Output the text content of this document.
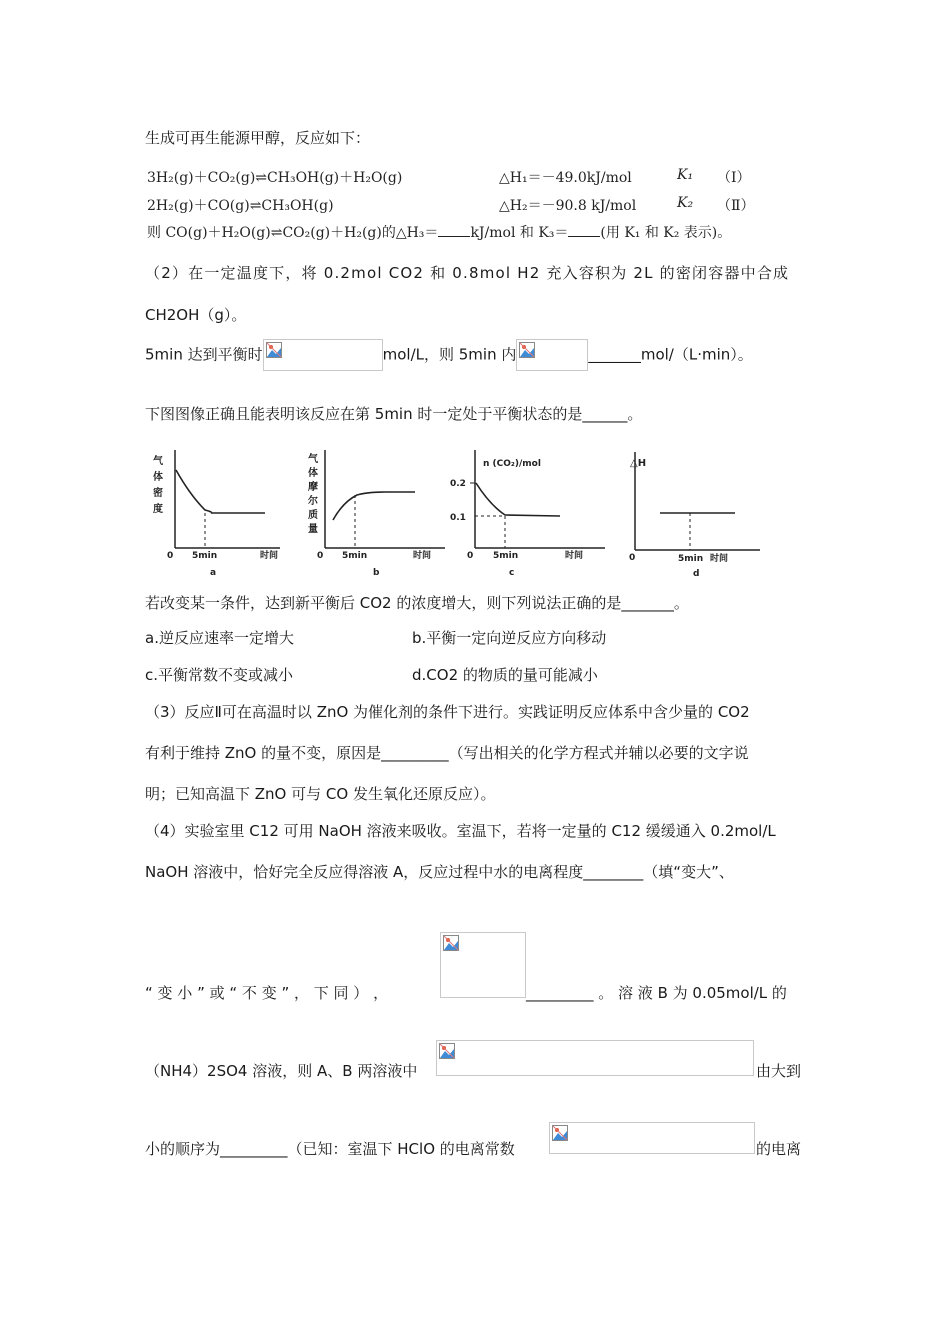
生成可再生能源甲醇，反应如下：
3H₂(g)＋CO₂(g)⇌CH₃OH(g)＋H₂O(g)	△H₁＝－49.0kJ/mol	K₁ （Ⅰ）
2H₂(g)＋CO(g)⇌CH₃OH(g)	△H₂＝－90.8 kJ/mol	K₂ （Ⅱ）
则 CO(g)＋H₂O(g)⇌CO₂(g)＋H₂(g)的△H₃＝ kJ/mol 和 K₃＝ (用 K₁ 和 K₂ 表示)。
（2）在一定温度下，将 0.2mol CO2 和 0.8mol H2 充入容积为 2L 的密闭容器中合成
CH2OH（g）。
5min 达到平衡时	mol/L，则 5min 内	_______mol/（L·min）。
下图图像正确且能表明该反应在第 5min 时一定处于平衡状态的是______。
气
体
密
度
0 5min	时间
a
气
体
摩
尔
质
量
0 5min	时间
b
n (CO₂)/mol
0.2
0.1
0 5min	时间
c
△H
0	5min 时间
d
若改变某一条件，达到新平衡后 CO2 的浓度增大，则下列说法正确的是_______。
a.逆反应速率一定增大	b.平衡一定向逆反应方向移动
c.平衡常数不变或减小	d.CO2 的物质的量可能减小
（3）反应Ⅱ可在高温时以 ZnO 为催化剂的条件下进行。实践证明反应体系中含少量的 CO2
有利于维持 ZnO 的量不变，原因是_________（写出相关的化学方程式并辅以必要的文字说
明；已知高温下 ZnO 可与 CO 发生氧化还原反应）。
（4）实验室里 C12 可用 NaOH 溶液来吸收。室温下，若将一定量的 C12 缓缓通入 0.2mol/L
NaOH 溶液中，恰好完全反应得溶液 A，反应过程中水的电离程度________（填“变大”、
“ 变 小 ” 或 “ 不 变 ” ， 下 同 ） ，	_________ 。 溶 液 B 为 0.05mol/L 的
（NH4）2SO4 溶液，则 A、B 两溶液中	由大到
小的顺序为_________（已知：室温下 HClO 的电离常数	的电离
